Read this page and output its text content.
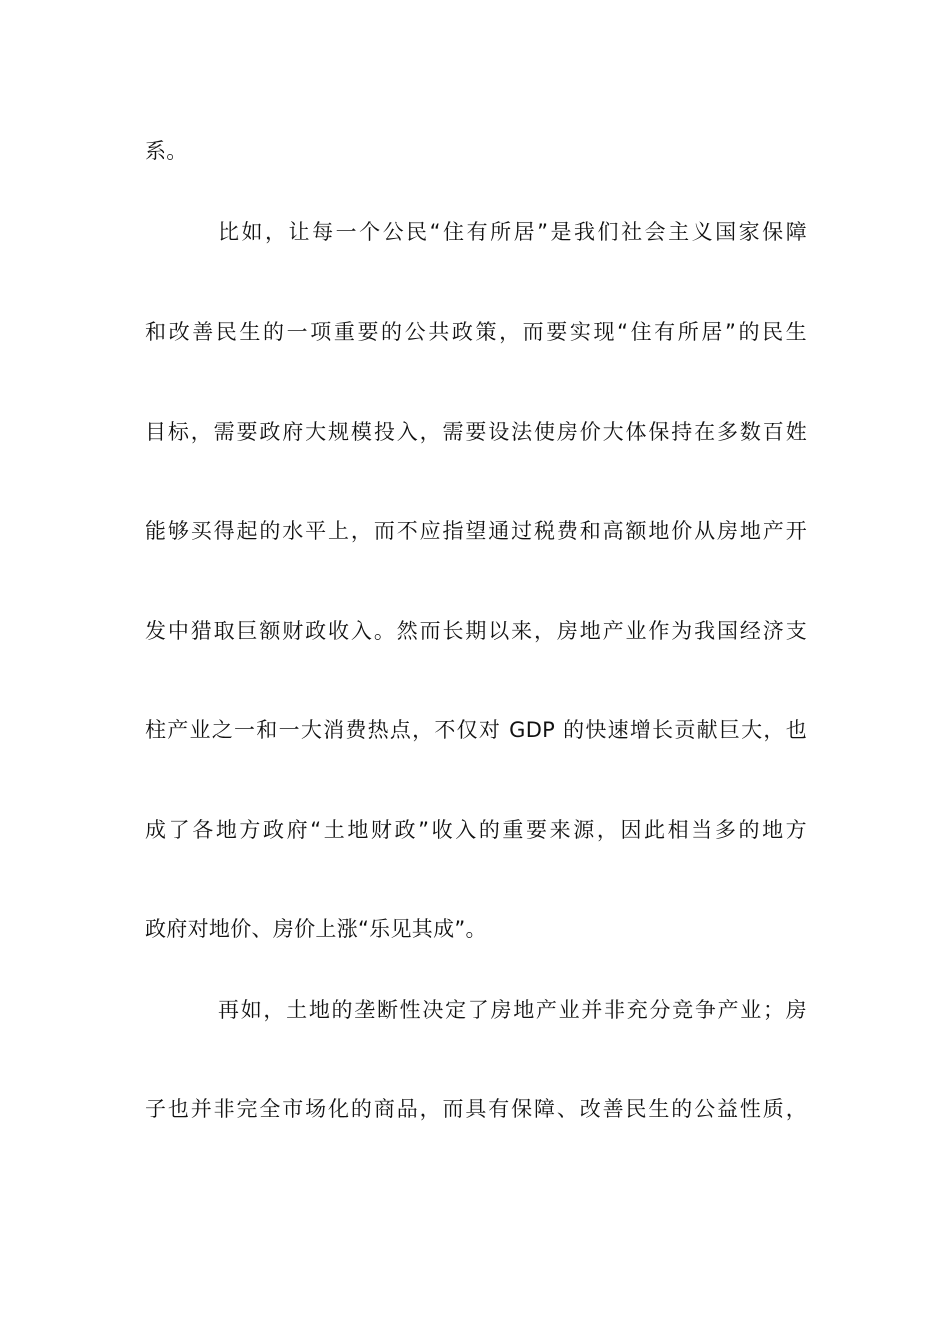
系。
比如，让每一个公民“住有所居”是我们社会主义国家保障
和改善民生的一项重要的公共政策，而要实现“住有所居”的民生
目标，需要政府大规模投入，需要设法使房价大体保持在多数百姓
能够买得起的水平上，而不应指望通过税费和高额地价从房地产开
发中猎取巨额财政收入。然而长期以来，房地产业作为我国经济支
柱产业之一和一大消费热点，不仅对 GDP 的快速增长贡献巨大，也
成了各地方政府“土地财政”收入的重要来源，因此相当多的地方
政府对地价、房价上涨“乐见其成”。
再如，土地的垄断性决定了房地产业并非充分竞争产业；房
子也并非完全市场化的商品，而具有保障、改善民生的公益性质，
